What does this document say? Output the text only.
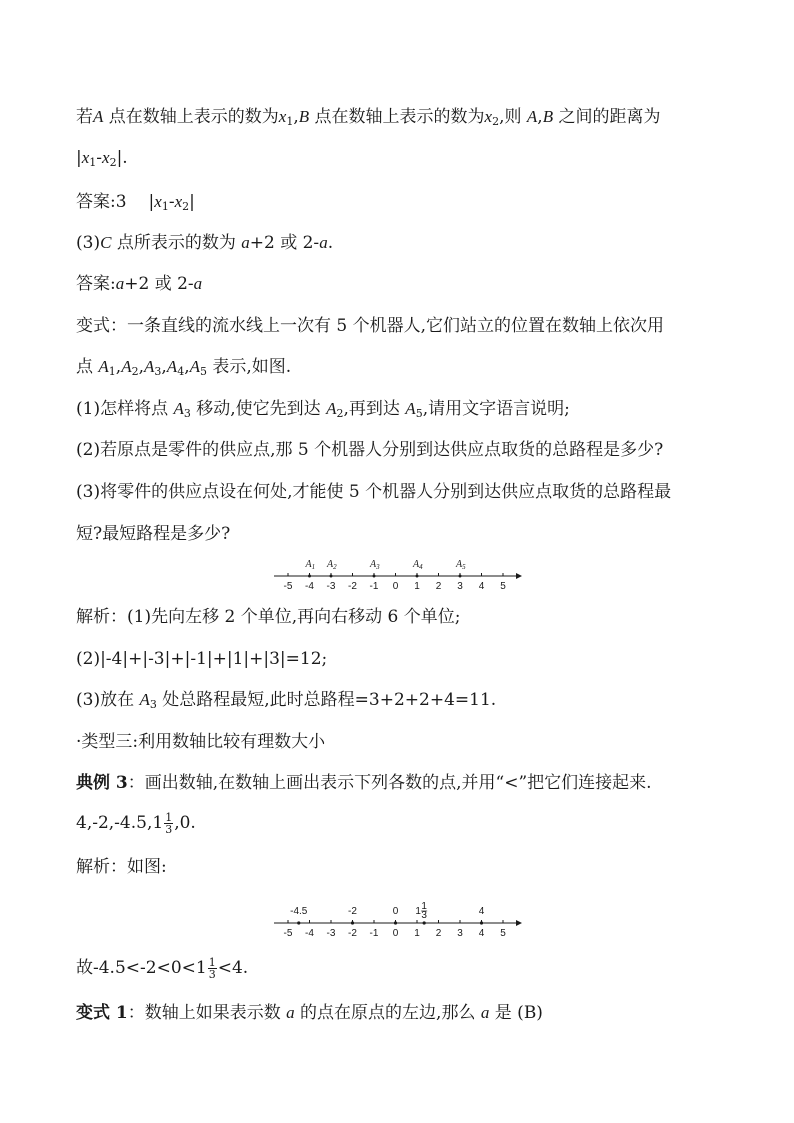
若A 点在数轴上表示的数为$x_1,B$ 点在数轴上表示的数为$x_2$,则 A,B 之间的距离为
$|x_1-x_2|$.
答案:3 $|x_1-x_2|$
(3)C 点所表示的数为 a+2 或 2-a.
答案:a+2 或 2-a
变式：一条直线的流水线上一次有 5 个机器人,它们站立的位置在数轴上依次用
点 $A_1,A_2,A_3,A_4,A_5$ 表示,如图.
(1)怎样将点 $A_3$ 移动,使它先到达 $A_2$,再到达 $A_5$,请用文字语言说明;
(2)若原点是零件的供应点,那 5 个机器人分别到达供应点取货的总路程是多少?
(3)将零件的供应点设在何处,才能使 5 个机器人分别到达供应点取货的总路程最
短?最短路程是多少?
-5 -4 -3 -2 -1 0 1 2 3 4 5
$A_1$ $A_2$	$A_3$	$A_4$	$A_5$
解析：(1)先向左移 2 个单位,再向右移动 6 个单位;
(2)|-4|+|-3|+|-1|+|1|+|3|=12;
(3)放在 $A_3$ 处总路程最短,此时总路程=3+2+2+4=11.
·类型三:利用数轴比较有理数大小
典例 3：画出数轴,在数轴上画出表示下列各数的点,并用“<”把它们连接起来.
$4,-2,-4.5,1 \frac{1}{3} ,0$.
解析：如图:
-5 -4 -3 -2 -1 0 1 2 3 4 5
-4.5	-2	0 1 1
3	4
故$-4.5<-2<0<1 \frac{1}{3} <4$.
变式 1：数轴上如果表示数 a 的点在原点的左边,那么 a 是 (B)
